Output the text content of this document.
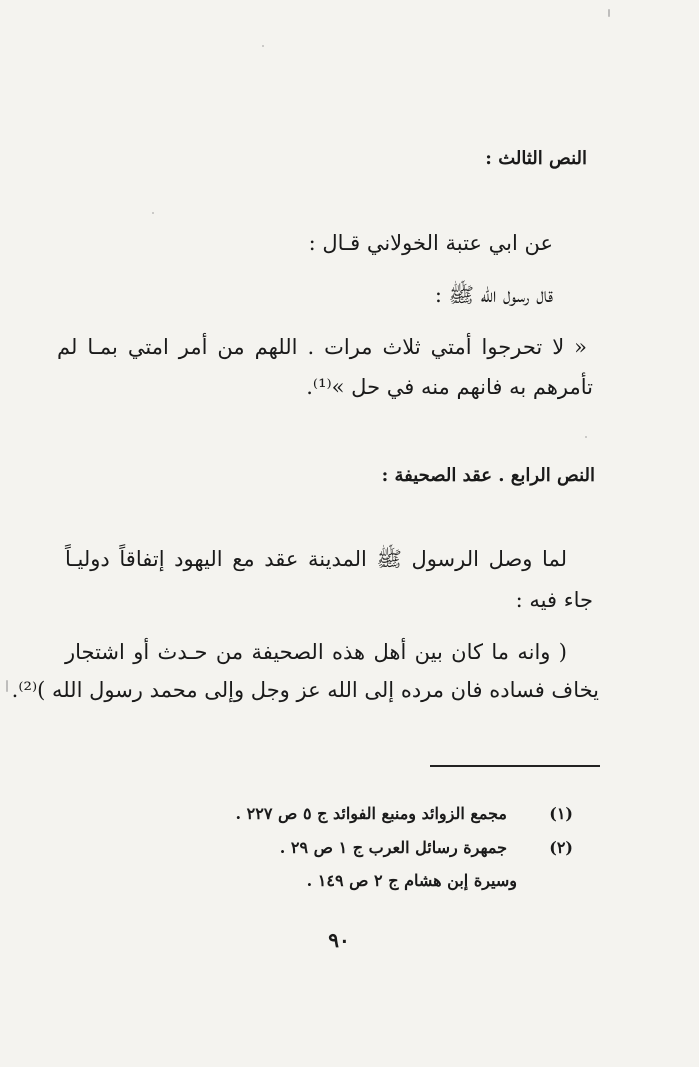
النص الثالث :
عن ابي عتبة الخولاني قـال :
قال رسول الله ﷺ :
« لا تحرجوا أمتي ثلاث مرات . اللهم من أمر امتي بمـا لم
تأمرهم به فانهم منه في حل »⁽¹⁾.
النص الرابع . عقد الصحيفة :
لما وصل الرسول ﷺ المدينة عقد مع اليهود إتفاقاً دوليـاً
جاء فيه :
( وانه ما كان بين أهل هذه الصحيفة من حـدث أو اشتجار
يخاف فساده فان مرده إلى الله عز وجل وإلى محمد رسول الله )⁽²⁾.
(١)
مجمع الزوائد ومنبع الفوائد ج ٥ ص ٢٢٧ .
(٢)
جمهرة رسائل العرب ج ١ ص ٢٩ .
وسيرة إبن هشام ج ٢ ص ١٤٩ .
٩٠
